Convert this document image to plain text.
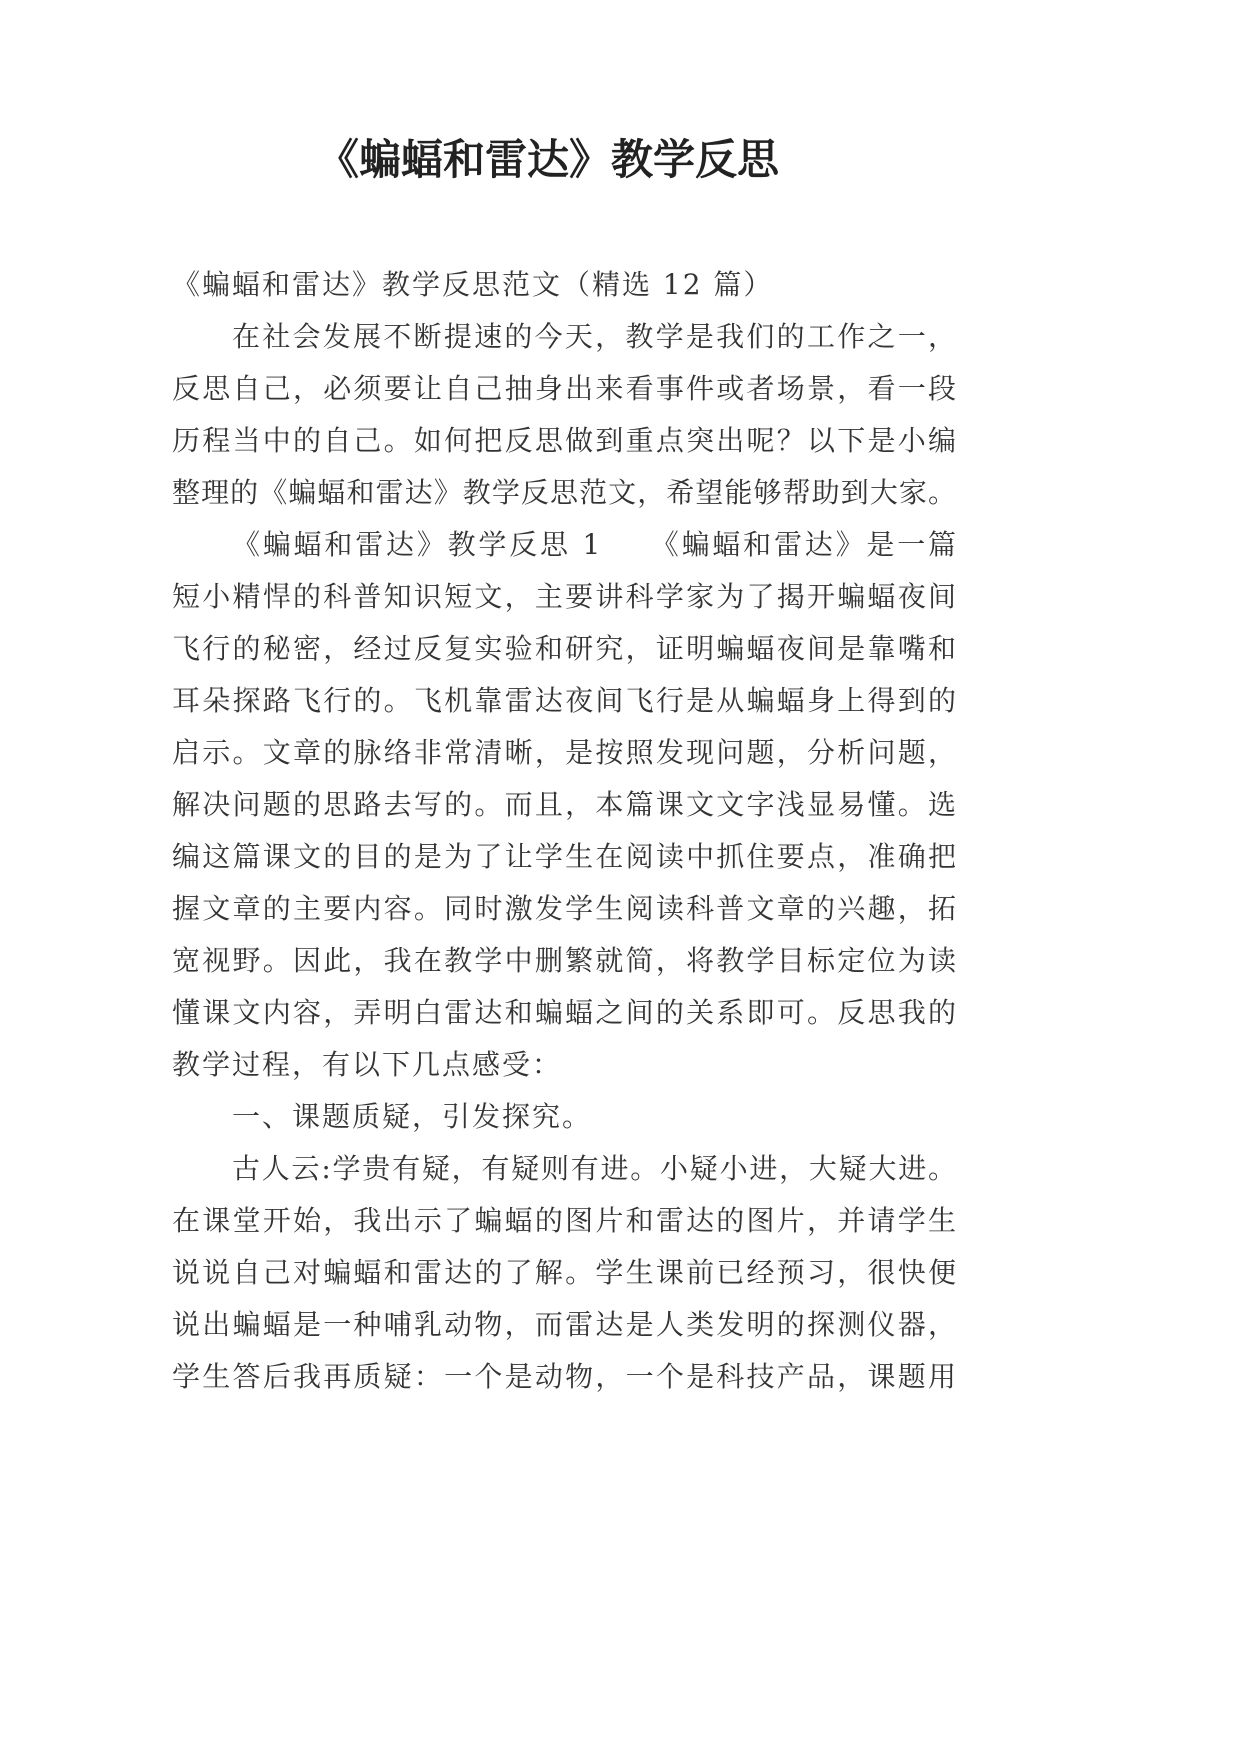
《蝙蝠和雷达》教学反思
《蝙蝠和雷达》教学反思范文（精选 12 篇）
在社会发展不断提速的今天，教学是我们的工作之一，
反思自己，必须要让自己抽身出来看事件或者场景，看一段
历程当中的自己。如何把反思做到重点突出呢？以下是小编
整理的《蝙蝠和雷达》教学反思范文，希望能够帮助到大家。
《蝙蝠和雷达》教学反思 1　　《蝙蝠和雷达》是一篇
短小精悍的科普知识短文，主要讲科学家为了揭开蝙蝠夜间
飞行的秘密，经过反复实验和研究，证明蝙蝠夜间是靠嘴和
耳朵探路飞行的。飞机靠雷达夜间飞行是从蝙蝠身上得到的
启示。文章的脉络非常清晰，是按照发现问题，分析问题，
解决问题的思路去写的。而且，本篇课文文字浅显易懂。选
编这篇课文的目的是为了让学生在阅读中抓住要点，准确把
握文章的主要内容。同时激发学生阅读科普文章的兴趣，拓
宽视野。因此，我在教学中删繁就简，将教学目标定位为读
懂课文内容，弄明白雷达和蝙蝠之间的关系即可。反思我的
教学过程，有以下几点感受：
一、课题质疑，引发探究。
古人云:学贵有疑，有疑则有进。小疑小进，大疑大进。
在课堂开始，我出示了蝙蝠的图片和雷达的图片，并请学生
说说自己对蝙蝠和雷达的了解。学生课前已经预习，很快便
说出蝙蝠是一种哺乳动物，而雷达是人类发明的探测仪器，
学生答后我再质疑：一个是动物，一个是科技产品，课题用
